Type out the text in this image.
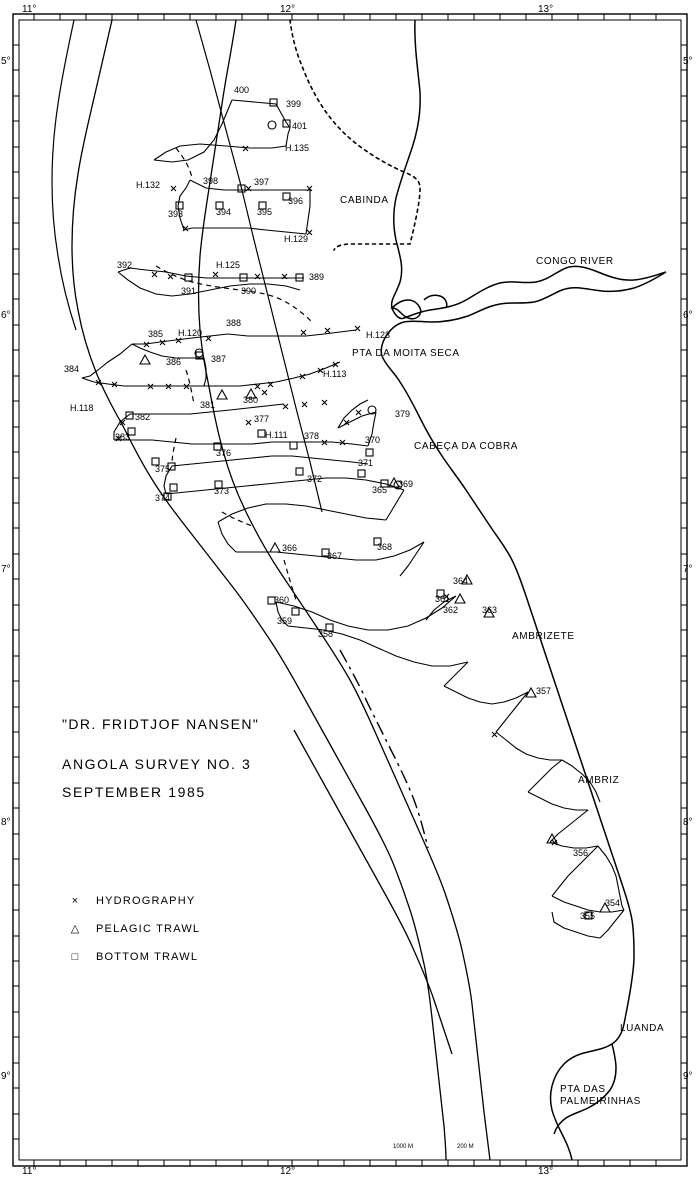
11°	12°	13°
11°	12°	13°
5°
6°
7°
8°
9°
5°
6°
7°
8°
9°
CABINDA
CONGO RIVER
PTA DA MOITA SECA
CABEÇA DA COBRA
AMBRIZETE
AMBRIZ
LUANDA
PTA DAS
PALMEIRINHAS
1000 M	200 M
400
399
401
H.135
H.132	398	397
396
393	394	395
H.129
392	H.125
389
391	390
385 H.120
388
H.123
384
386	387
H.113
H.118	381	380
379
382	377
383	H.111 378	370
376
371
375
372
365
369
374
373
366
367
368
364
360	361
362	363
359
358
357
356
354
355
"DR. FRIDTJOF NANSEN"
ANGOLA SURVEY NO. 3
SEPTEMBER 1985
×	HYDROGRAPHY
△	PELAGIC TRAWL
□	BOTTOM TRAWL
